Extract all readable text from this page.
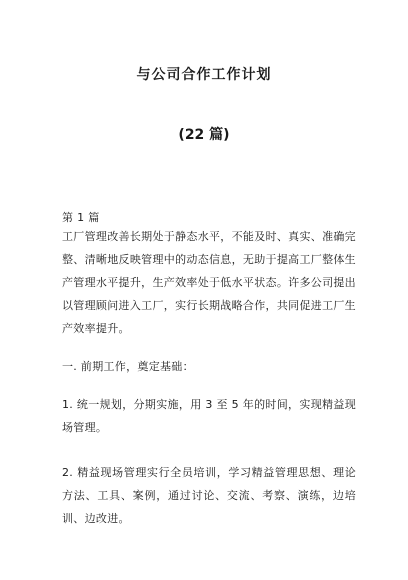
与公司合作工作计划
(22 篇)

第 1 篇

工厂管理改善长期处于静态水平，不能及时、真实、准确完整、清晰地反映管理中的动态信息，无助于提高工厂整体生产管理水平提升，生产效率处于低水平状态。许多公司提出以管理顾问进入工厂，实行长期战略合作，共同促进工厂生产效率提升。

一. 前期工作，奠定基础：

1. 统一规划，分期实施，用 3 至 5 年的时间，实现精益现场管理。

2. 精益现场管理实行全员培训，学习精益管理思想、理论方法、工具、案例，通过讨论、交流、考察、演练，边培训、边改进。
